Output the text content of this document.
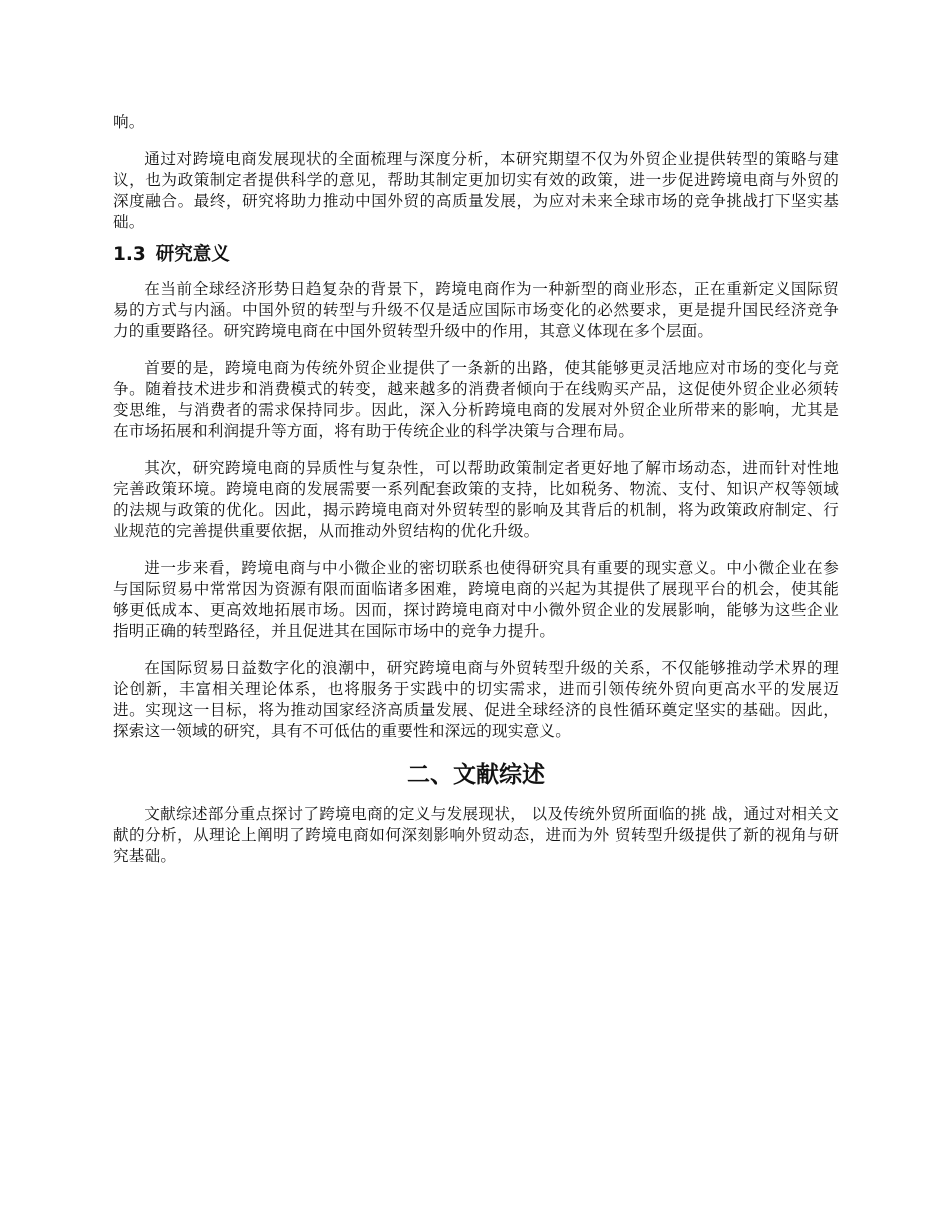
响。

通过对跨境电商发展现状的全面梳理与深度分析，本研究期望不仅为外贸企业提供转型的策略与建议，也为政策制定者提供科学的意见，帮助其制定更加切实有效的政策，进一步促进跨境电商与外贸的深度融合。最终，研究将助力推动中国外贸的高质量发展，为应对未来全球市场的竞争挑战打下坚实基础。

1.3 研究意义

在当前全球经济形势日趋复杂的背景下，跨境电商作为一种新型的商业形态，正在重新定义国际贸易的方式与内涵。中国外贸的转型与升级不仅是适应国际市场变化的必然要求，更是提升国民经济竞争力的重要路径。研究跨境电商在中国外贸转型升级中的作用，其意义体现在多个层面。

首要的是，跨境电商为传统外贸企业提供了一条新的出路，使其能够更灵活地应对市场的变化与竞争。随着技术进步和消费模式的转变，越来越多的消费者倾向于在线购买产品，这促使外贸企业必须转变思维，与消费者的需求保持同步。因此，深入分析跨境电商的发展对外贸企业所带来的影响，尤其是在市场拓展和利润提升等方面，将有助于传统企业的科学决策与合理布局。

其次，研究跨境电商的异质性与复杂性，可以帮助政策制定者更好地了解市场动态，进而针对性地完善政策环境。跨境电商的发展需要一系列配套政策的支持，比如税务、物流、支付、知识产权等领域的法规与政策的优化。因此，揭示跨境电商对外贸转型的影响及其背后的机制，将为政策政府制定、行业规范的完善提供重要依据，从而推动外贸结构的优化升级。

进一步来看，跨境电商与中小微企业的密切联系也使得研究具有重要的现实意义。中小微企业在参与国际贸易中常常因为资源有限而面临诸多困难，跨境电商的兴起为其提供了展现平台的机会，使其能够更低成本、更高效地拓展市场。因而，探讨跨境电商对中小微外贸企业的发展影响，能够为这些企业指明正确的转型路径，并且促进其在国际市场中的竞争力提升。

在国际贸易日益数字化的浪潮中，研究跨境电商与外贸转型升级的关系，不仅能够推动学术界的理论创新，丰富相关理论体系，也将服务于实践中的切实需求，进而引领传统外贸向更高水平的发展迈进。实现这一目标，将为推动国家经济高质量发展、促进全球经济的良性循环奠定坚实的基础。因此，探索这一领域的研究，具有不可低估的重要性和深远的现实意义。

二、文献综述

文献综述部分重点探讨了跨境电商的定义与发展现状， 以及传统外贸所面临的挑 战，通过对相关文献的分析，从理论上阐明了跨境电商如何深刻影响外贸动态，进而为外 贸转型升级提供了新的视角与研究基础。
